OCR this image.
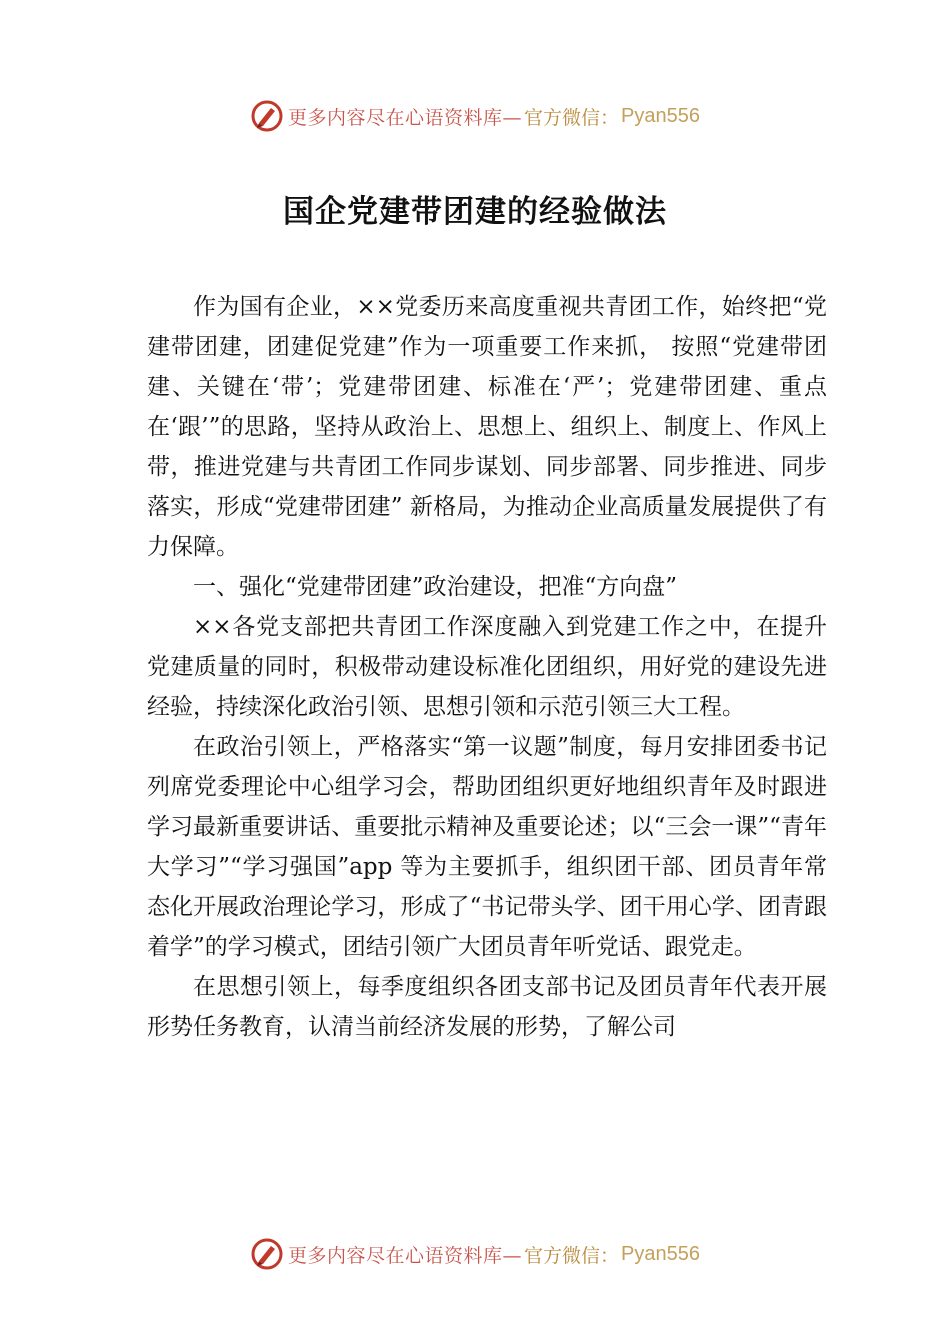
更多内容尽在心语资料库— 官方微信： Pyan556
国企党建带团建的经验做法

作为国有企业，××党委历来高度重视共青团工作，始终把“党建带团建，团建促党建”作为一项重要工作来抓， 按照“党建带团建、关键在‘带’；党建带团建、标准在‘严’；党建带团建、重点在‘跟’”的思路，坚持从政治上、思想上、组织上、制度上、作风上带，推进党建与共青团工作同步谋划、同步部署、同步推进、同步落实，形成“党建带团建” 新格局，为推动企业高质量发展提供了有力保障。

一、强化“党建带团建”政治建设，把准“方向盘”

××各党支部把共青团工作深度融入到党建工作之中，在提升党建质量的同时，积极带动建设标准化团组织，用好党的建设先进经验，持续深化政治引领、思想引领和示范引领三大工程。

在政治引领上，严格落实“第一议题”制度，每月安排团委书记列席党委理论中心组学习会，帮助团组织更好地组织青年及时跟进学习最新重要讲话、重要批示精神及重要论述；以“三会一课”“青年大学习”“学习强国”app 等为主要抓手，组织团干部、团员青年常态化开展政治理论学习，形成了“书记带头学、团干用心学、团青跟着学”的学习模式，团结引领广大团员青年听党话、跟党走。

在思想引领上，每季度组织各团支部书记及团员青年代表开展形势任务教育，认清当前经济发展的形势，了解公司

更多内容尽在心语资料库— 官方微信： Pyan556
